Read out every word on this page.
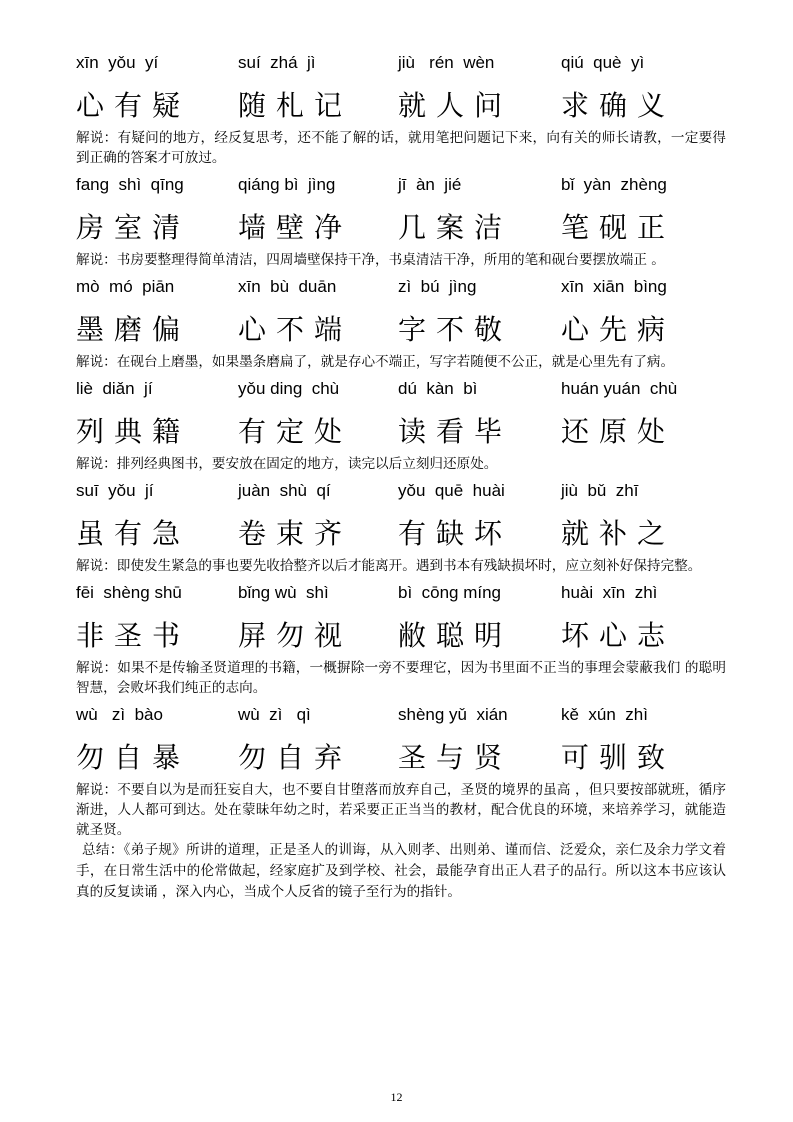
xīn  yǒu  yí	suí  zhá  jì	jiù   rén  wèn	qiú  què  yì
心有疑	随札记	就人问	求确义

解说：有疑问的地方，经反复思考，还不能了解的话，就用笔把问题记下来，向有关的师长请教，一定要得到正确的答案才可放过。

fang  shì  qīng	qiáng bì  jìng	jī  àn  jié	bǐ  yàn  zhèng
房室清	墙壁净	几案洁	笔砚正

解说：书房要整理得简单清洁，四周墙壁保持干净，书桌清洁干净，所用的笔和砚台要摆放端正 。

mò  mó  piān	xīn  bù  duān	zì  bú  jìng	xīn  xiān  bìng
墨磨偏	心不端	字不敬	心先病

解说：在砚台上磨墨，如果墨条磨扁了，就是存心不端正，写字若随便不公正，就是心里先有了病。

liè  diǎn  jí	yǒu ding  chù	dú  kàn  bì	huán yuán  chù
列典籍	有定处	读看毕	还原处

解说：排列经典图书，要安放在固定的地方，读完以后立刻归还原处。

suī  yǒu  jí	juàn  shù  qí	yǒu  quē  huài	jiù  bǔ  zhī
虽有急	卷束齐	有缺坏	就补之

解说：即使发生紧急的事也要先收拾整齐以后才能离开。遇到书本有残缺损坏时，应立刻补好保持完整。

fēi  shèng shū	bǐng wù  shì	bì  cōng míng	huài  xīn  zhì
非圣书	屏勿视	敝聪明	坏心志

解说：如果不是传输圣贤道理的书籍，一概摒除一旁不要理它，因为书里面不正当的事理会蒙蔽我们 的聪明智慧，会败坏我们纯正的志向。

wù   zì  bào	wù  zì   qì	shèng yǔ  xián	kě  xún  zhì
勿自暴	勿自弃	圣与贤	可驯致

解说：不要自以为是而狂妄自大，也不要自甘堕落而放弃自己，圣贤的境界的虽高 ，但只要按部就班，循序渐进，人人都可到达。处在蒙昧年幼之时，若采要正正当当的教材，配合优良的环境，来培养学习，就能造就圣贤。

总结：《弟子规》所讲的道理，正是圣人的训诲，从入则孝、出则弟、谨而信、泛爱众，亲仁及余力学文着手，在日常生活中的伦常做起，经家庭扩及到学校、社会，最能孕育出正人君子的品行。所以这本书应该认真的反复读诵 ，深入内心，当成个人反省的镜子至行为的指针。

12
